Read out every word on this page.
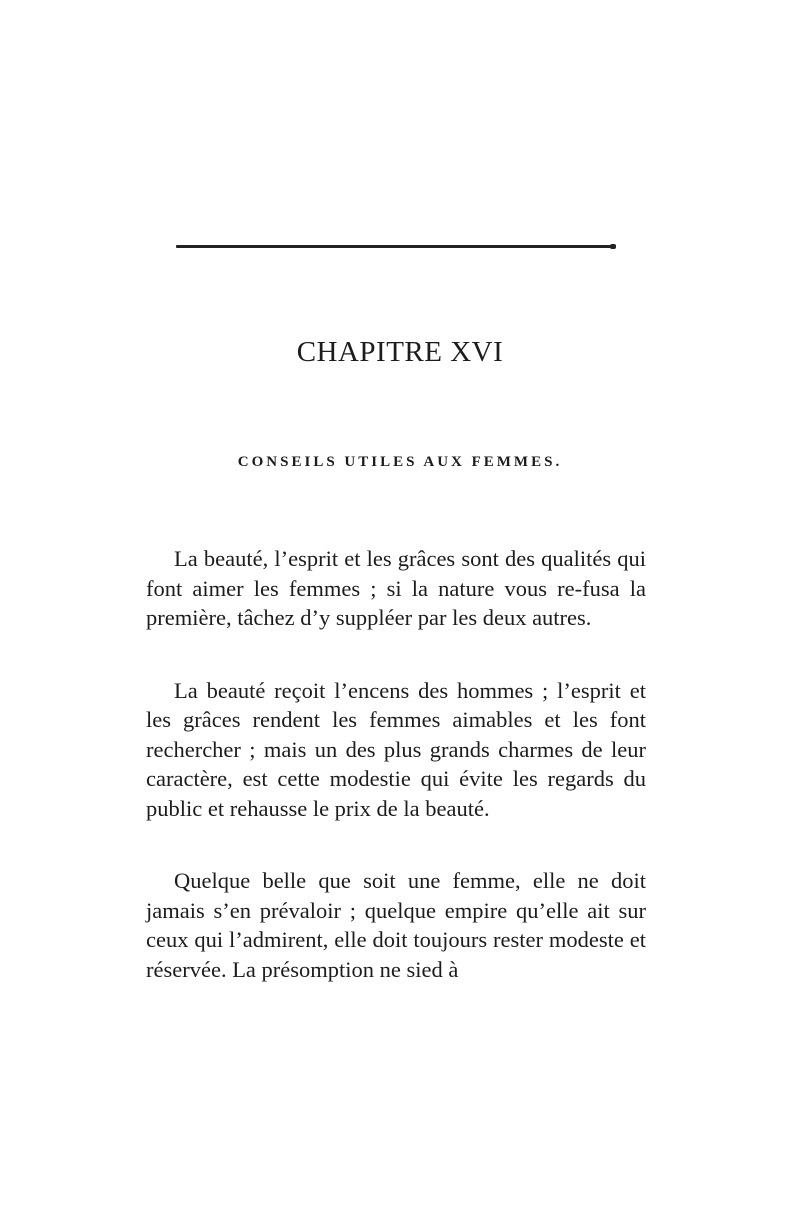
CHAPITRE XVI
CONSEILS UTILES AUX FEMMES.

La beauté, l’esprit et les grâces sont des qualités qui font aimer les femmes ; si la nature vous re-fusa la première, tâchez d’y suppléer par les deux autres.

La beauté reçoit l’encens des hommes ; l’esprit et les grâces rendent les femmes aimables et les font rechercher ; mais un des plus grands charmes de leur caractère, est cette modestie qui évite les regards du public et rehausse le prix de la beauté.

Quelque belle que soit une femme, elle ne doit jamais s’en prévaloir ; quelque empire qu’elle ait sur ceux qui l’admirent, elle doit toujours rester modeste et réservée. La présomption ne sied à
